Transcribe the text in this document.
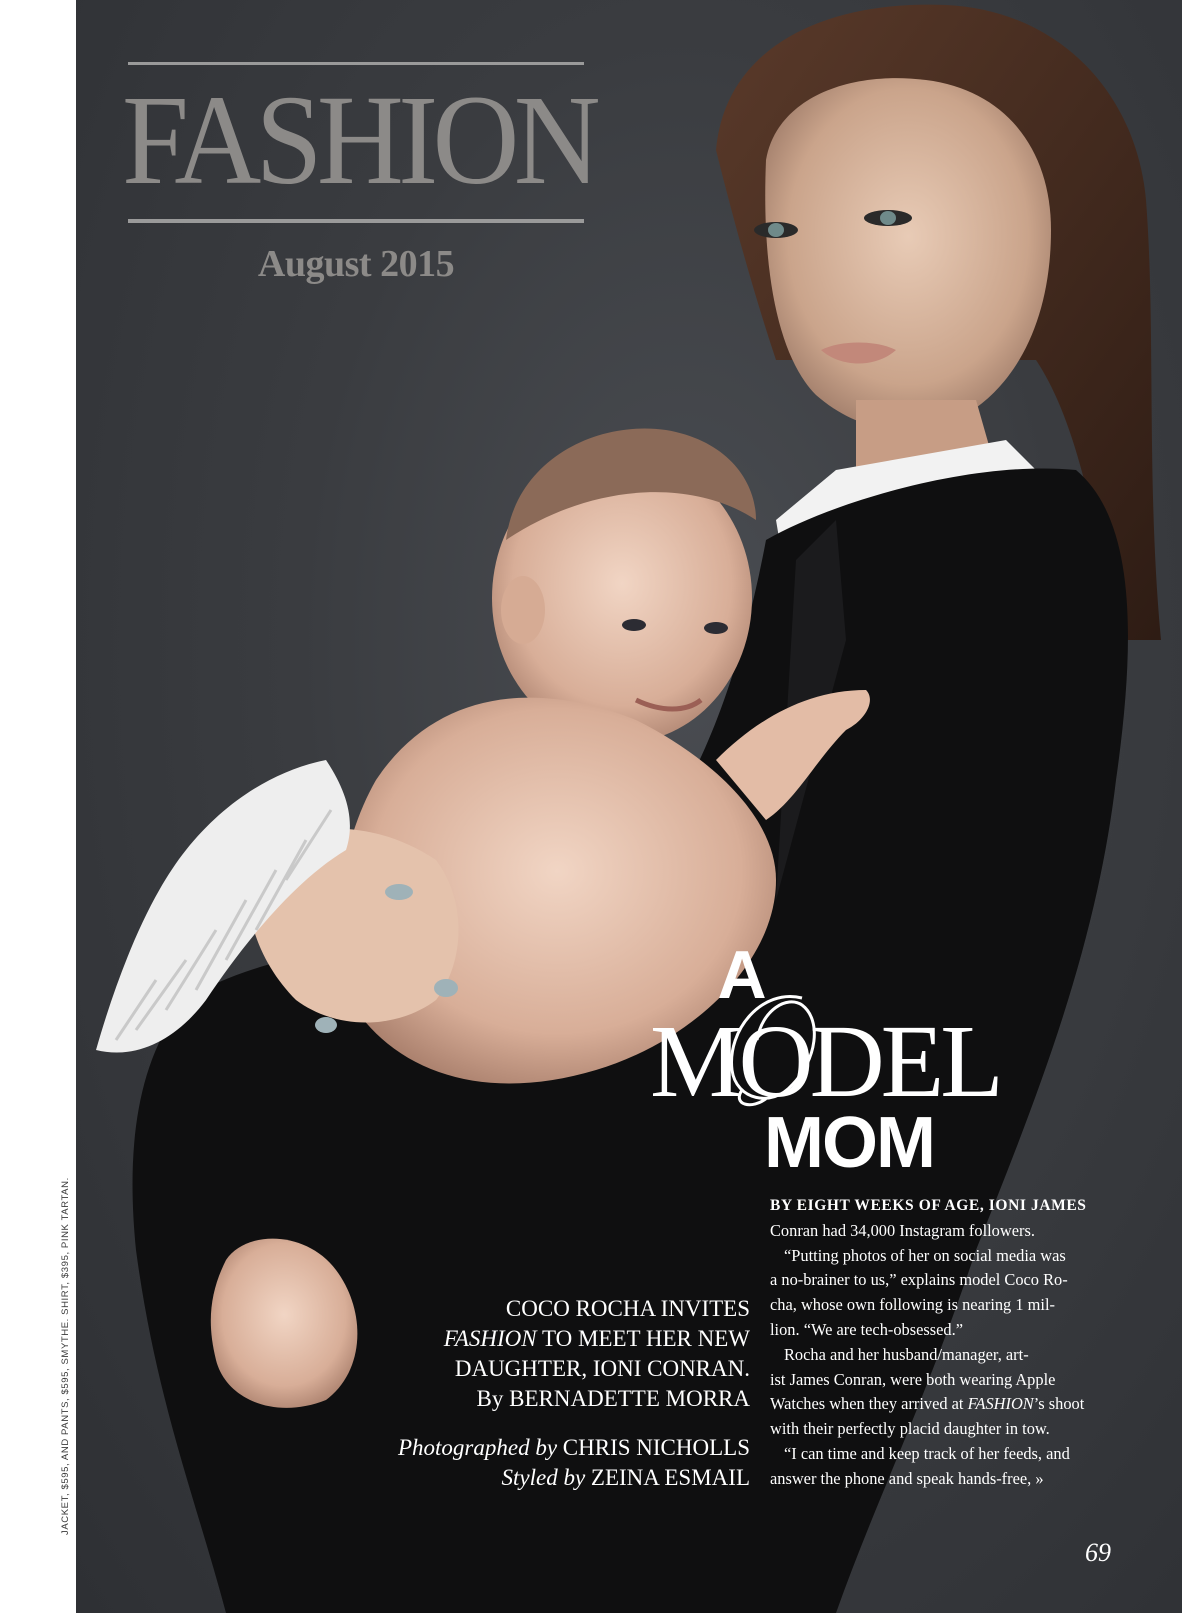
JACKET, $595, AND PANTS, $595, SMYTHE. SHIRT, $395, PINK TARTAN.
FASHION
August 2015
A
MODEL
MOM
COCO ROCHA INVITES
FASHION TO MEET HER NEW
DAUGHTER, IONI CONRAN.
By BERNADETTE MORRA
Photographed by CHRIS NICHOLLS
Styled by ZEINA ESMAIL
BY EIGHT WEEKS OF AGE, IONI JAMES
Conran had 34,000 Instagram followers.
“Putting photos of her on social media was
a no-brainer to us,” explains model Coco Ro-
cha, whose own following is nearing 1 mil-
lion. “We are tech-obsessed.”
Rocha and her husband/manager, art-
ist James Conran, were both wearing Apple
Watches when they arrived at FASHION’s shoot
with their perfectly placid daughter in tow.
“I can time and keep track of her feeds, and
answer the phone and speak hands-free, »
69
